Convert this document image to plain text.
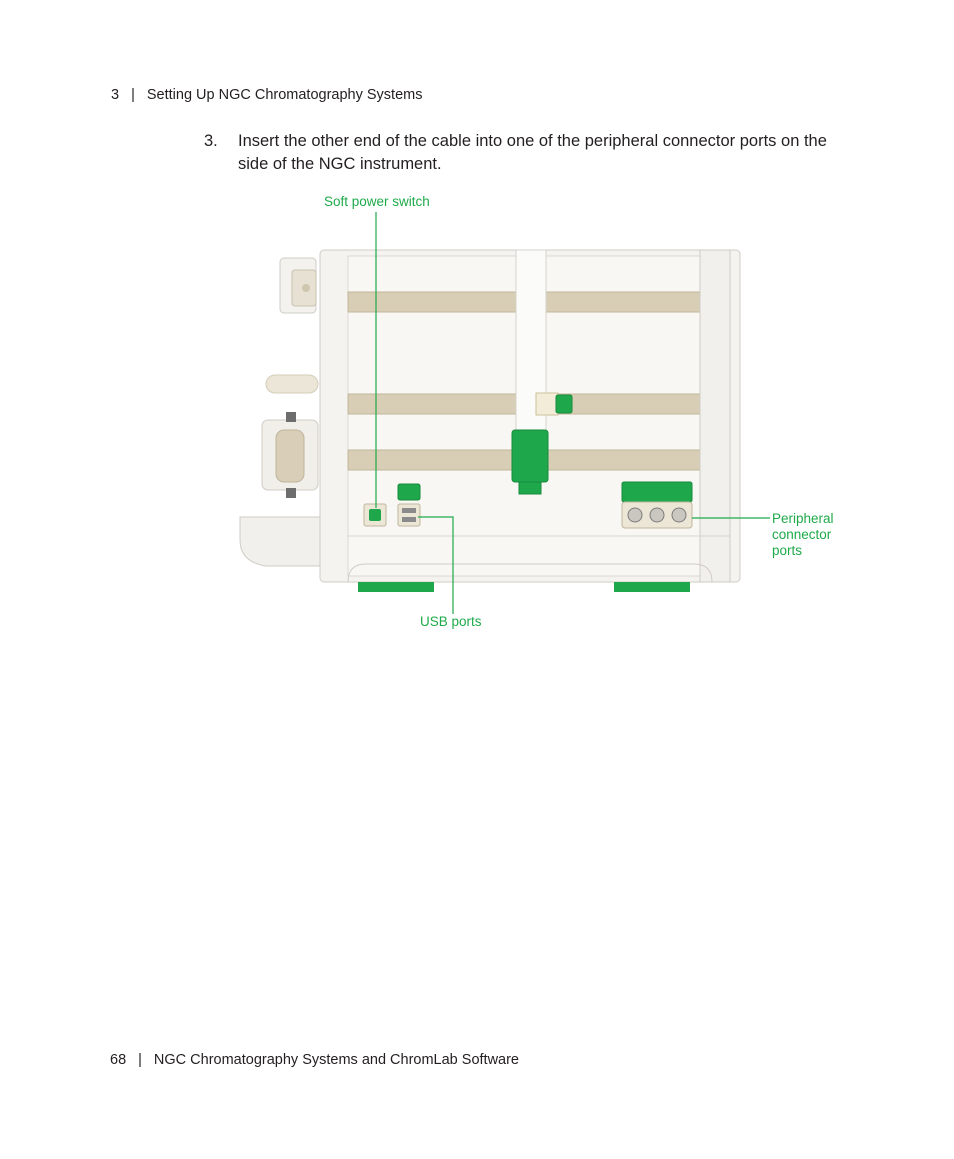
3 | Setting Up NGC Chromatography Systems
3. Insert the other end of the cable into one of the peripheral connector ports on the side of the NGC instrument.
Soft power switch
USB ports
Peripheral
connector
ports
68 | NGC Chromatography Systems and ChromLab Software
